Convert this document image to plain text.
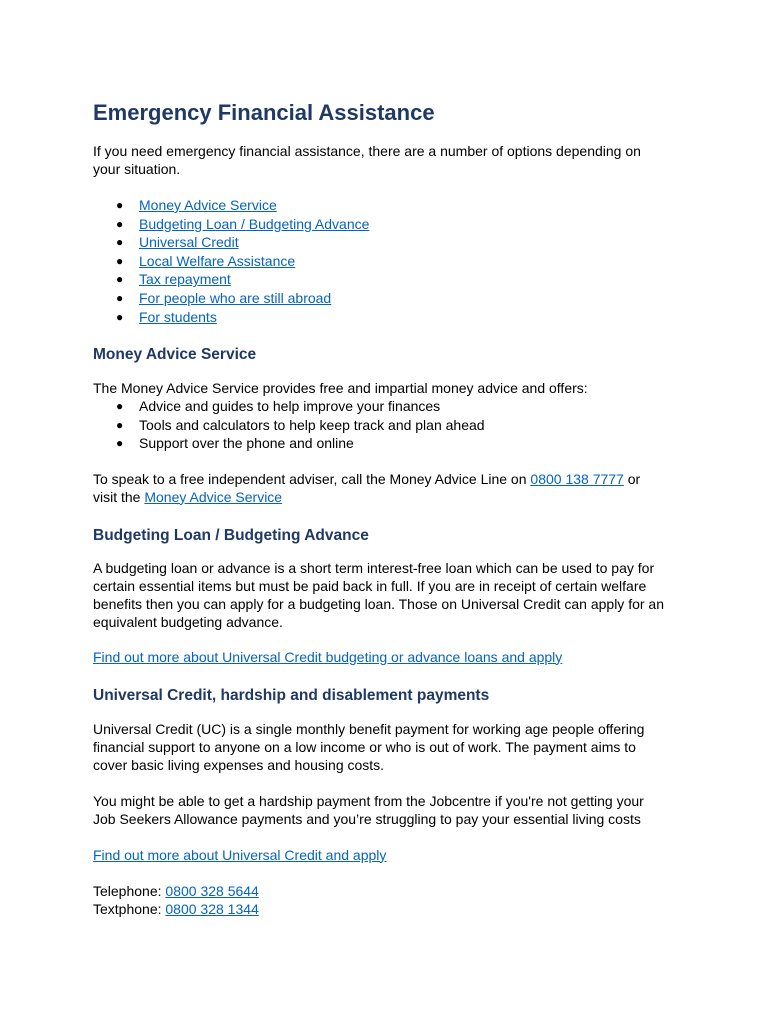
Emergency Financial Assistance

If you need emergency financial assistance, there are a number of options depending on
your situation.

● Money Advice Service
● Budgeting Loan / Budgeting Advance
● Universal Credit
● Local Welfare Assistance
● Tax repayment
● For people who are still abroad
● For students
Money Advice Service

The Money Advice Service provides free and impartial money advice and offers:

● Advice and guides to help improve your finances
● Tools and calculators to help keep track and plan ahead
● Support over the phone and online

To speak to a free independent adviser, call the Money Advice Line on 0800 138 7777 or
visit the Money Advice Service

Budgeting Loan / Budgeting Advance

A budgeting loan or advance is a short term interest-free loan which can be used to pay for
certain essential items but must be paid back in full. If you are in receipt of certain welfare
benefits then you can apply for a budgeting loan. Those on Universal Credit can apply for an
equivalent budgeting advance.

Find out more about Universal Credit budgeting or advance loans and apply

Universal Credit, hardship and disablement payments

Universal Credit (UC) is a single monthly benefit payment for working age people offering
financial support to anyone on a low income or who is out of work. The payment aims to
cover basic living expenses and housing costs.

You might be able to get a hardship payment from the Jobcentre if you're not getting your
Job Seekers Allowance payments and you’re struggling to pay your essential living costs

Find out more about Universal Credit and apply

Telephone: 0800 328 5644
Textphone: 0800 328 1344
